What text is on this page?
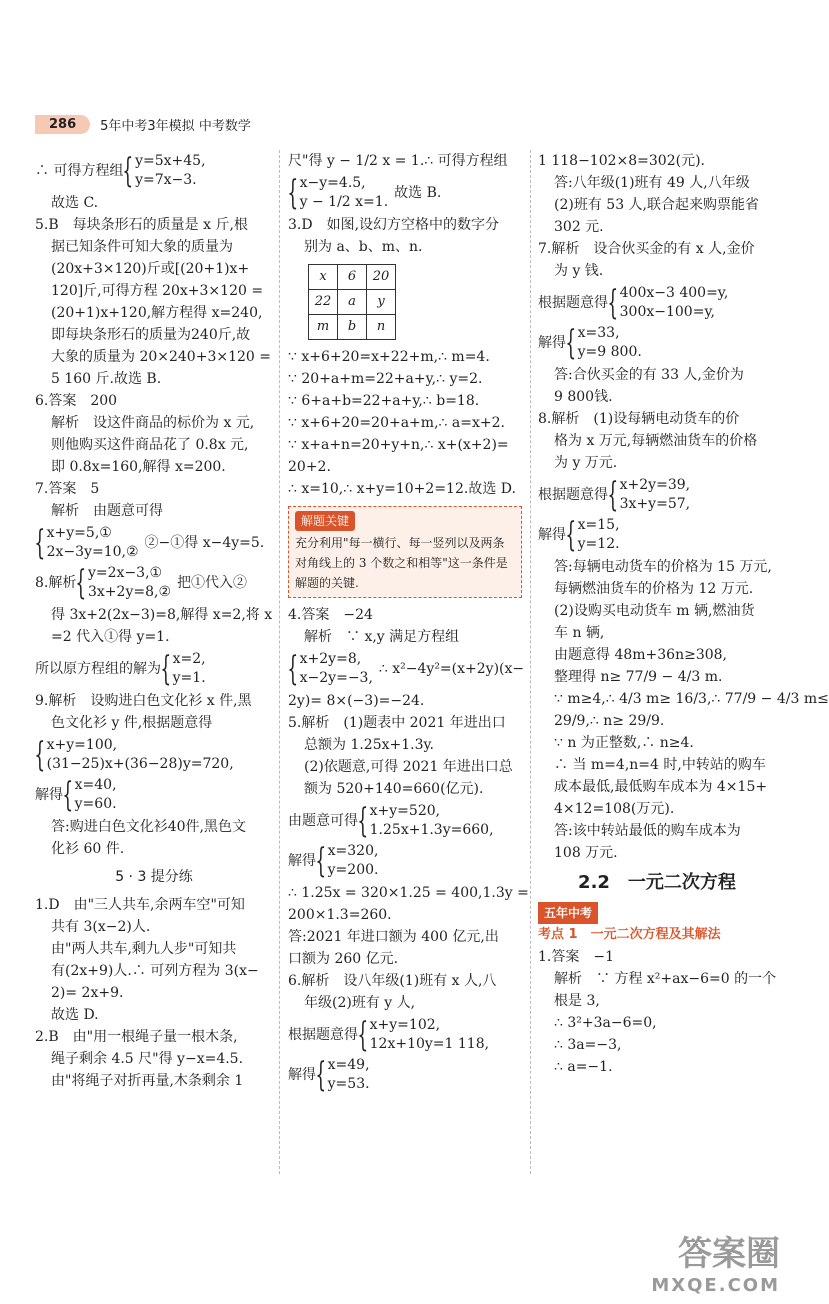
286	5年中考3年模拟 中考数学
∴ 可得方程组 { y=5x+45,
y=7x−3.
故选 C.
5.B　每块条形石的质量是 x 斤,根
据已知条件可知大象的质量为
(20x+3×120)斤或[(20+1)x+
120]斤,可得方程 20x+3×120 =
(20+1)x+120,解方程得 x=240,
即每块条形石的质量为240斤,故
大象的质量为 20×240+3×120 =
5 160 斤.故选 B.
6.答案　200
解析　设这件商品的标价为 x 元,
则他购买这件商品花了 0.8x 元,
即 0.8x=160,解得 x=200.
7.答案　5
解析　由题意可得
{ x+y=5,①
2x−3y=10,②
②−①得 x−4y=5.
8.解析 { y=2x−3,①
3x+2y=8,②
把①代入②
得 3x+2(2x−3)=8,解得 x=2,将 x
=2 代入①得 y=1.
所以原方程组的解为 { x=2,
y=1.
9.解析　设购进白色文化衫 x 件,黑
色文化衫 y 件,根据题意得
{ x+y=100,
(31−25)x+(36−28)y=720,
解得 { x=40,
y=60.
答:购进白色文化衫40件,黑色文
化衫 60 件.
5 · 3 提分练
1.D　由"三人共车,余两车空"可知
共有 3(x−2)人.
由"两人共车,剩九人步"可知共
有(2x+9)人.∴ 可列方程为 3(x−
2)= 2x+9.
故选 D.
2.B　由"用一根绳子量一根木条,
绳子剩余 4.5 尺"得 y−x=4.5.
由"将绳子对折再量,木条剩余 1
尺"得 y − 1/2 x = 1.∴ 可得方程组
{ x−y=4.5,
y − 1/2 x=1.
故选 B.
3.D　如图,设幻方空格中的数字分
别为 a、b、m、n.
x	6	20
22	a	y
m	b	n
∵ x+6+20=x+22+m,∴ m=4.
∵ 20+a+m=22+a+y,∴ y=2.
∵ 6+a+b=22+a+y,∴ b=18.
∵ x+6+20=20+a+m,∴ a=x+2.
∵ x+a+n=20+y+n,∴ x+(x+2)=
20+2.
∴ x=10,∴ x+y=10+2=12.故选 D.
解题关键
充分利用"每一横行、每一竖列以及两条对角线上的 3 个数之和相等"这一条件是解题的关键.
4.答案　−24
解析　∵ x,y 满足方程组
{ x+2y=8,
x−2y=−3,
∴ x²−4y²=(x+2y)(x−
2y)= 8×(−3)=−24.
5.解析　(1)题表中 2021 年进出口
总额为 1.25x+1.3y.
(2)依题意,可得 2021 年进出口总
额为 520+140=660(亿元).
由题意可得 { x+y=520,
1.25x+1.3y=660,
解得 { x=320,
y=200.
∴ 1.25x = 320×1.25 = 400,1.3y =
200×1.3=260.
答:2021 年进口额为 400 亿元,出
口额为 260 亿元.
6.解析　设八年级(1)班有 x 人,八
年级(2)班有 y 人,
根据题意得 { x+y=102,
12x+10y=1 118,
解得 { x=49,
y=53.
1 118−102×8=302(元).
答:八年级(1)班有 49 人,八年级
(2)班有 53 人,联合起来购票能省
302 元.
7.解析　设合伙买金的有 x 人,金价
为 y 钱.
根据题意得 { 400x−3 400=y,
300x−100=y,
解得 { x=33,
y=9 800.
答:合伙买金的有 33 人,金价为
9 800钱.
8.解析　(1)设每辆电动货车的价
格为 x 万元,每辆燃油货车的价格
为 y 万元.
根据题意得 { x+2y=39,
3x+y=57,
解得 { x=15,
y=12.
答:每辆电动货车的价格为 15 万元,
每辆燃油货车的价格为 12 万元.
(2)设购买电动货车 m 辆,燃油货
车 n 辆,
由题意得 48m+36n≥308,
整理得 n≥ 77/9 − 4/3 m.
∵ m≥4,∴ 4/3 m≥ 16/3,∴ 77/9 − 4/3 m≤
29/9,∴ n≥ 29/9.
∵ n 为正整数,∴ n≥4.
∴ 当 m=4,n=4 时,中转站的购车
成本最低,最低购车成本为 4×15+
4×12=108(万元).
答:该中转站最低的购车成本为
108 万元.
2.2　一元二次方程
五年中考
考点 1　一元二次方程及其解法
1.答案　−1
解析　∵ 方程 x²+ax−6=0 的一个
根是 3,
∴ 3²+3a−6=0,
∴ 3a=−3,
∴ a=−1.
答案圈
MXQE.COM
